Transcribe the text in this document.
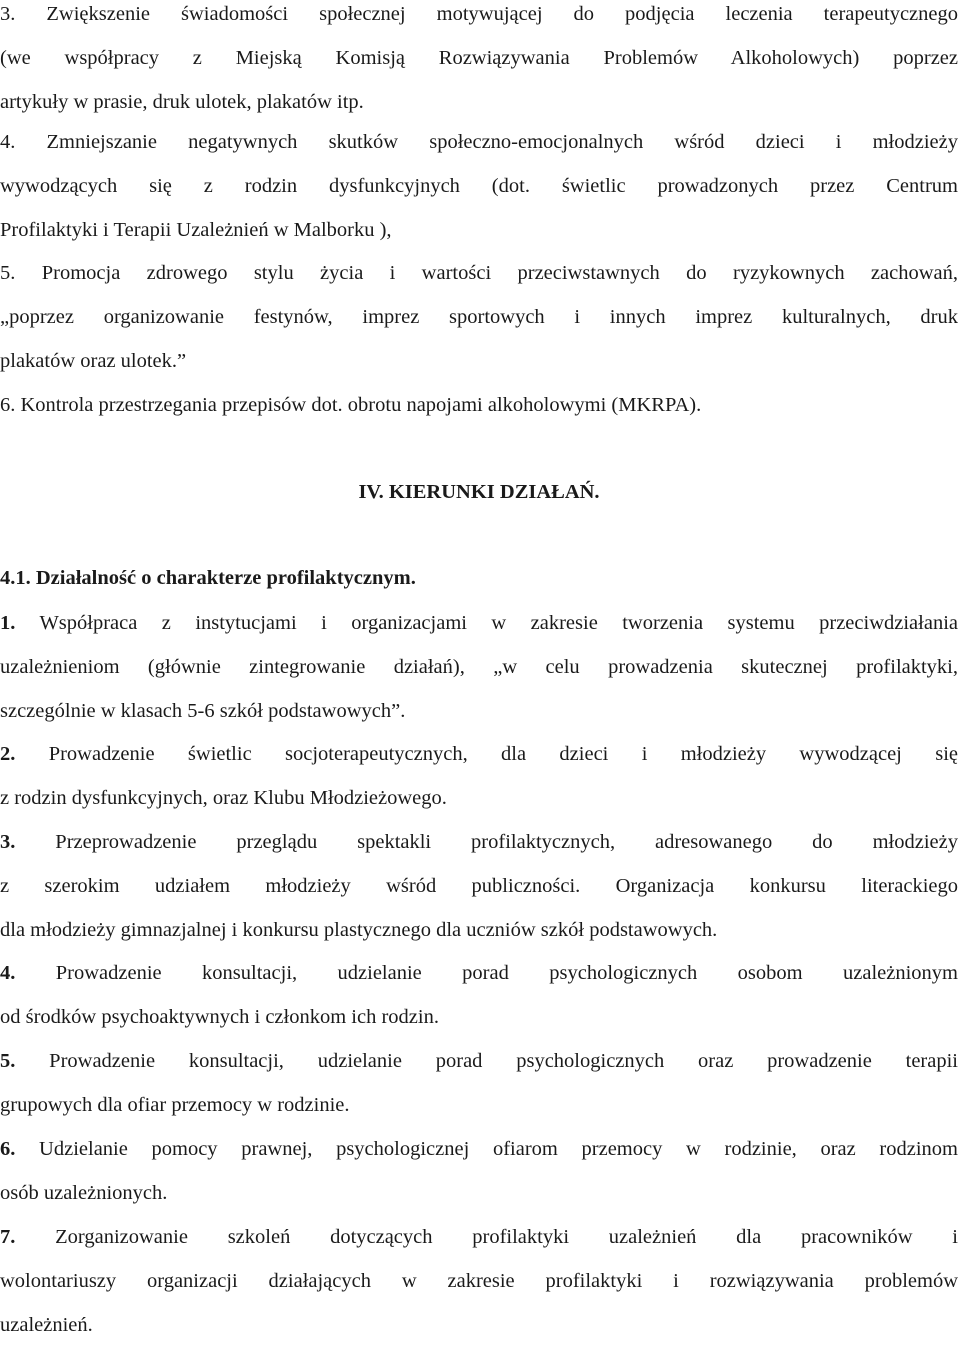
3. Zwiększenie świadomości społecznej motywującej do podjęcia leczenia terapeutycznego
(we współpracy z Miejską Komisją Rozwiązywania Problemów Alkoholowych) poprzez
artykuły w prasie, druk ulotek, plakatów itp.
4. Zmniejszanie negatywnych skutków społeczno-emocjonalnych wśród dzieci i młodzieży
wywodzących się z rodzin dysfunkcyjnych (dot. świetlic prowadzonych przez Centrum
Profilaktyki i Terapii Uzależnień w Malborku ),
5. Promocja zdrowego stylu życia i wartości przeciwstawnych do ryzykownych zachowań,
„poprzez organizowanie festynów, imprez sportowych i innych imprez kulturalnych, druk
plakatów oraz ulotek.”
6. Kontrola przestrzegania przepisów dot. obrotu napojami alkoholowymi (MKRPA).
IV. KIERUNKI DZIAŁAŃ.
4.1. Działalność o charakterze profilaktycznym.
1. Współpraca z instytucjami i organizacjami w zakresie tworzenia systemu przeciwdziałania
uzależnieniom (głównie zintegrowanie działań), „w celu prowadzenia skutecznej profilaktyki,
szczególnie w klasach 5-6 szkół podstawowych”.
2. Prowadzenie świetlic socjoterapeutycznych, dla dzieci i młodzieży wywodzącej się
z rodzin dysfunkcyjnych, oraz Klubu Młodzieżowego.
3. Przeprowadzenie przeglądu spektakli profilaktycznych, adresowanego do młodzieży
z szerokim udziałem młodzieży wśród publiczności. Organizacja konkursu literackiego
dla młodzieży gimnazjalnej i konkursu plastycznego dla uczniów szkół podstawowych.
4. Prowadzenie konsultacji, udzielanie porad psychologicznych osobom uzależnionym
od środków psychoaktywnych i członkom ich rodzin.
5. Prowadzenie konsultacji, udzielanie porad psychologicznych oraz prowadzenie terapii
grupowych dla ofiar przemocy w rodzinie.
6. Udzielanie pomocy prawnej, psychologicznej ofiarom przemocy w rodzinie, oraz rodzinom
osób uzależnionych.
7. Zorganizowanie szkoleń dotyczących profilaktyki uzależnień dla pracowników i
wolontariuszy organizacji działających w zakresie profilaktyki i rozwiązywania problemów
uzależnień.
